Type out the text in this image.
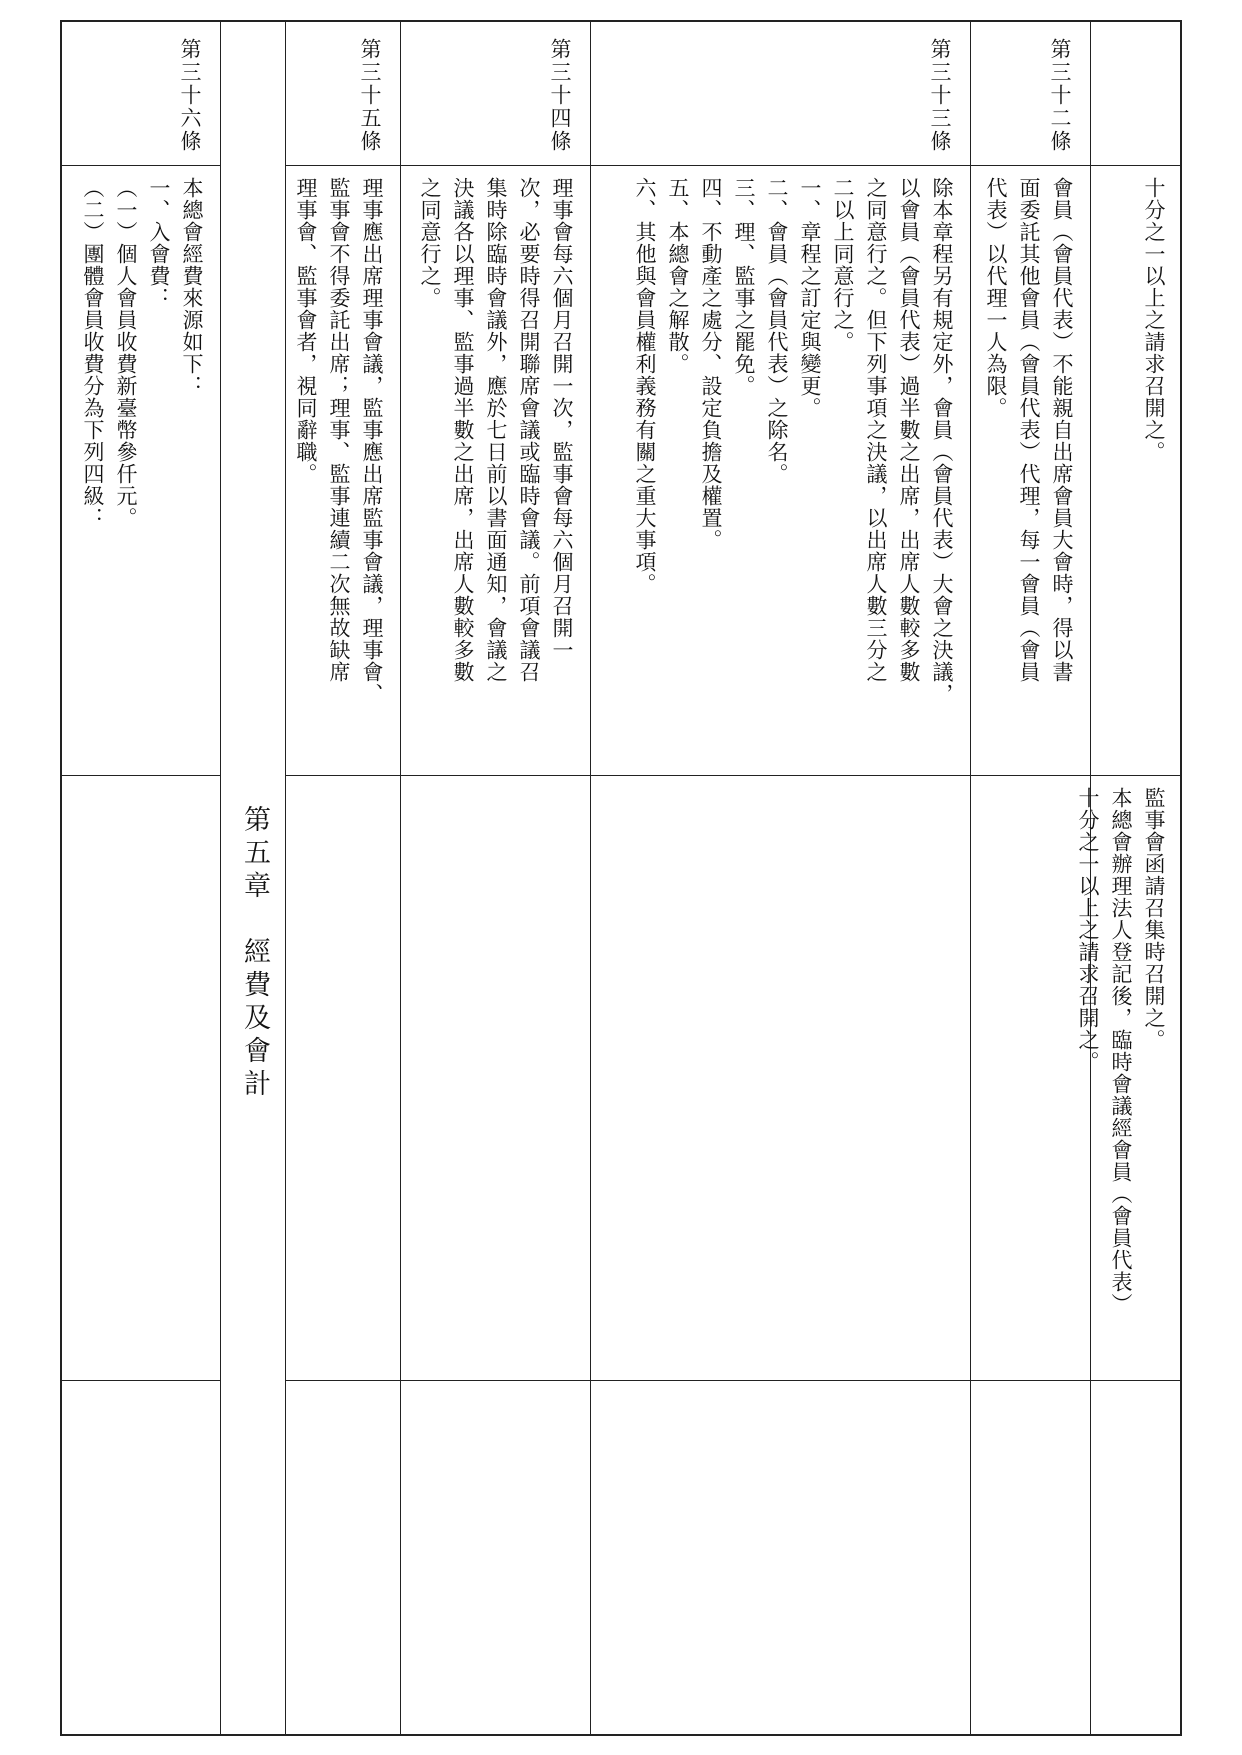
十分之一以上之請求召開之。
監事會函請召集時召開之。
本總會辦理法人登記後，臨時會議經會員（會員代表）
十分之一以上之請求召開之。
第三十二條
會員（會員代表）不能親自出席會員大會時，得以書
面委託其他會員（會員代表）代理，每一會員（會員
代表）以代理一人為限。
第三十三條
除本章程另有規定外，會員（會員代表）大會之決議，
以會員（會員代表）過半數之出席，出席人數較多數
之同意行之。但下列事項之決議，以出席人數三分之
二以上同意行之。
一、章程之訂定與變更。
二、會員（會員代表）之除名。
三、理、監事之罷免。
四、不動產之處分、設定負擔及權置。
五、本總會之解散。
六、其他與會員權利義務有關之重大事項。
第三十四條
理事會每六個月召開一次，監事會每六個月召開一
次，必要時得召開聯席會議或臨時會議。前項會議召
集時除臨時會議外，應於七日前以書面通知，會議之
決議各以理事、監事過半數之出席，出席人數較多數
之同意行之。
第三十五條
理事應出席理事會議，監事應出席監事會議，理事會、
監事會不得委託出席；理事、監事連續二次無故缺席
理事會、監事會者，視同辭職。
第五章　經費及會計
第三十六條
本總會經費來源如下：
一、入會費：
（一）個人會員收費新臺幣參仟元。
（二）團體會員收費分為下列四級：
